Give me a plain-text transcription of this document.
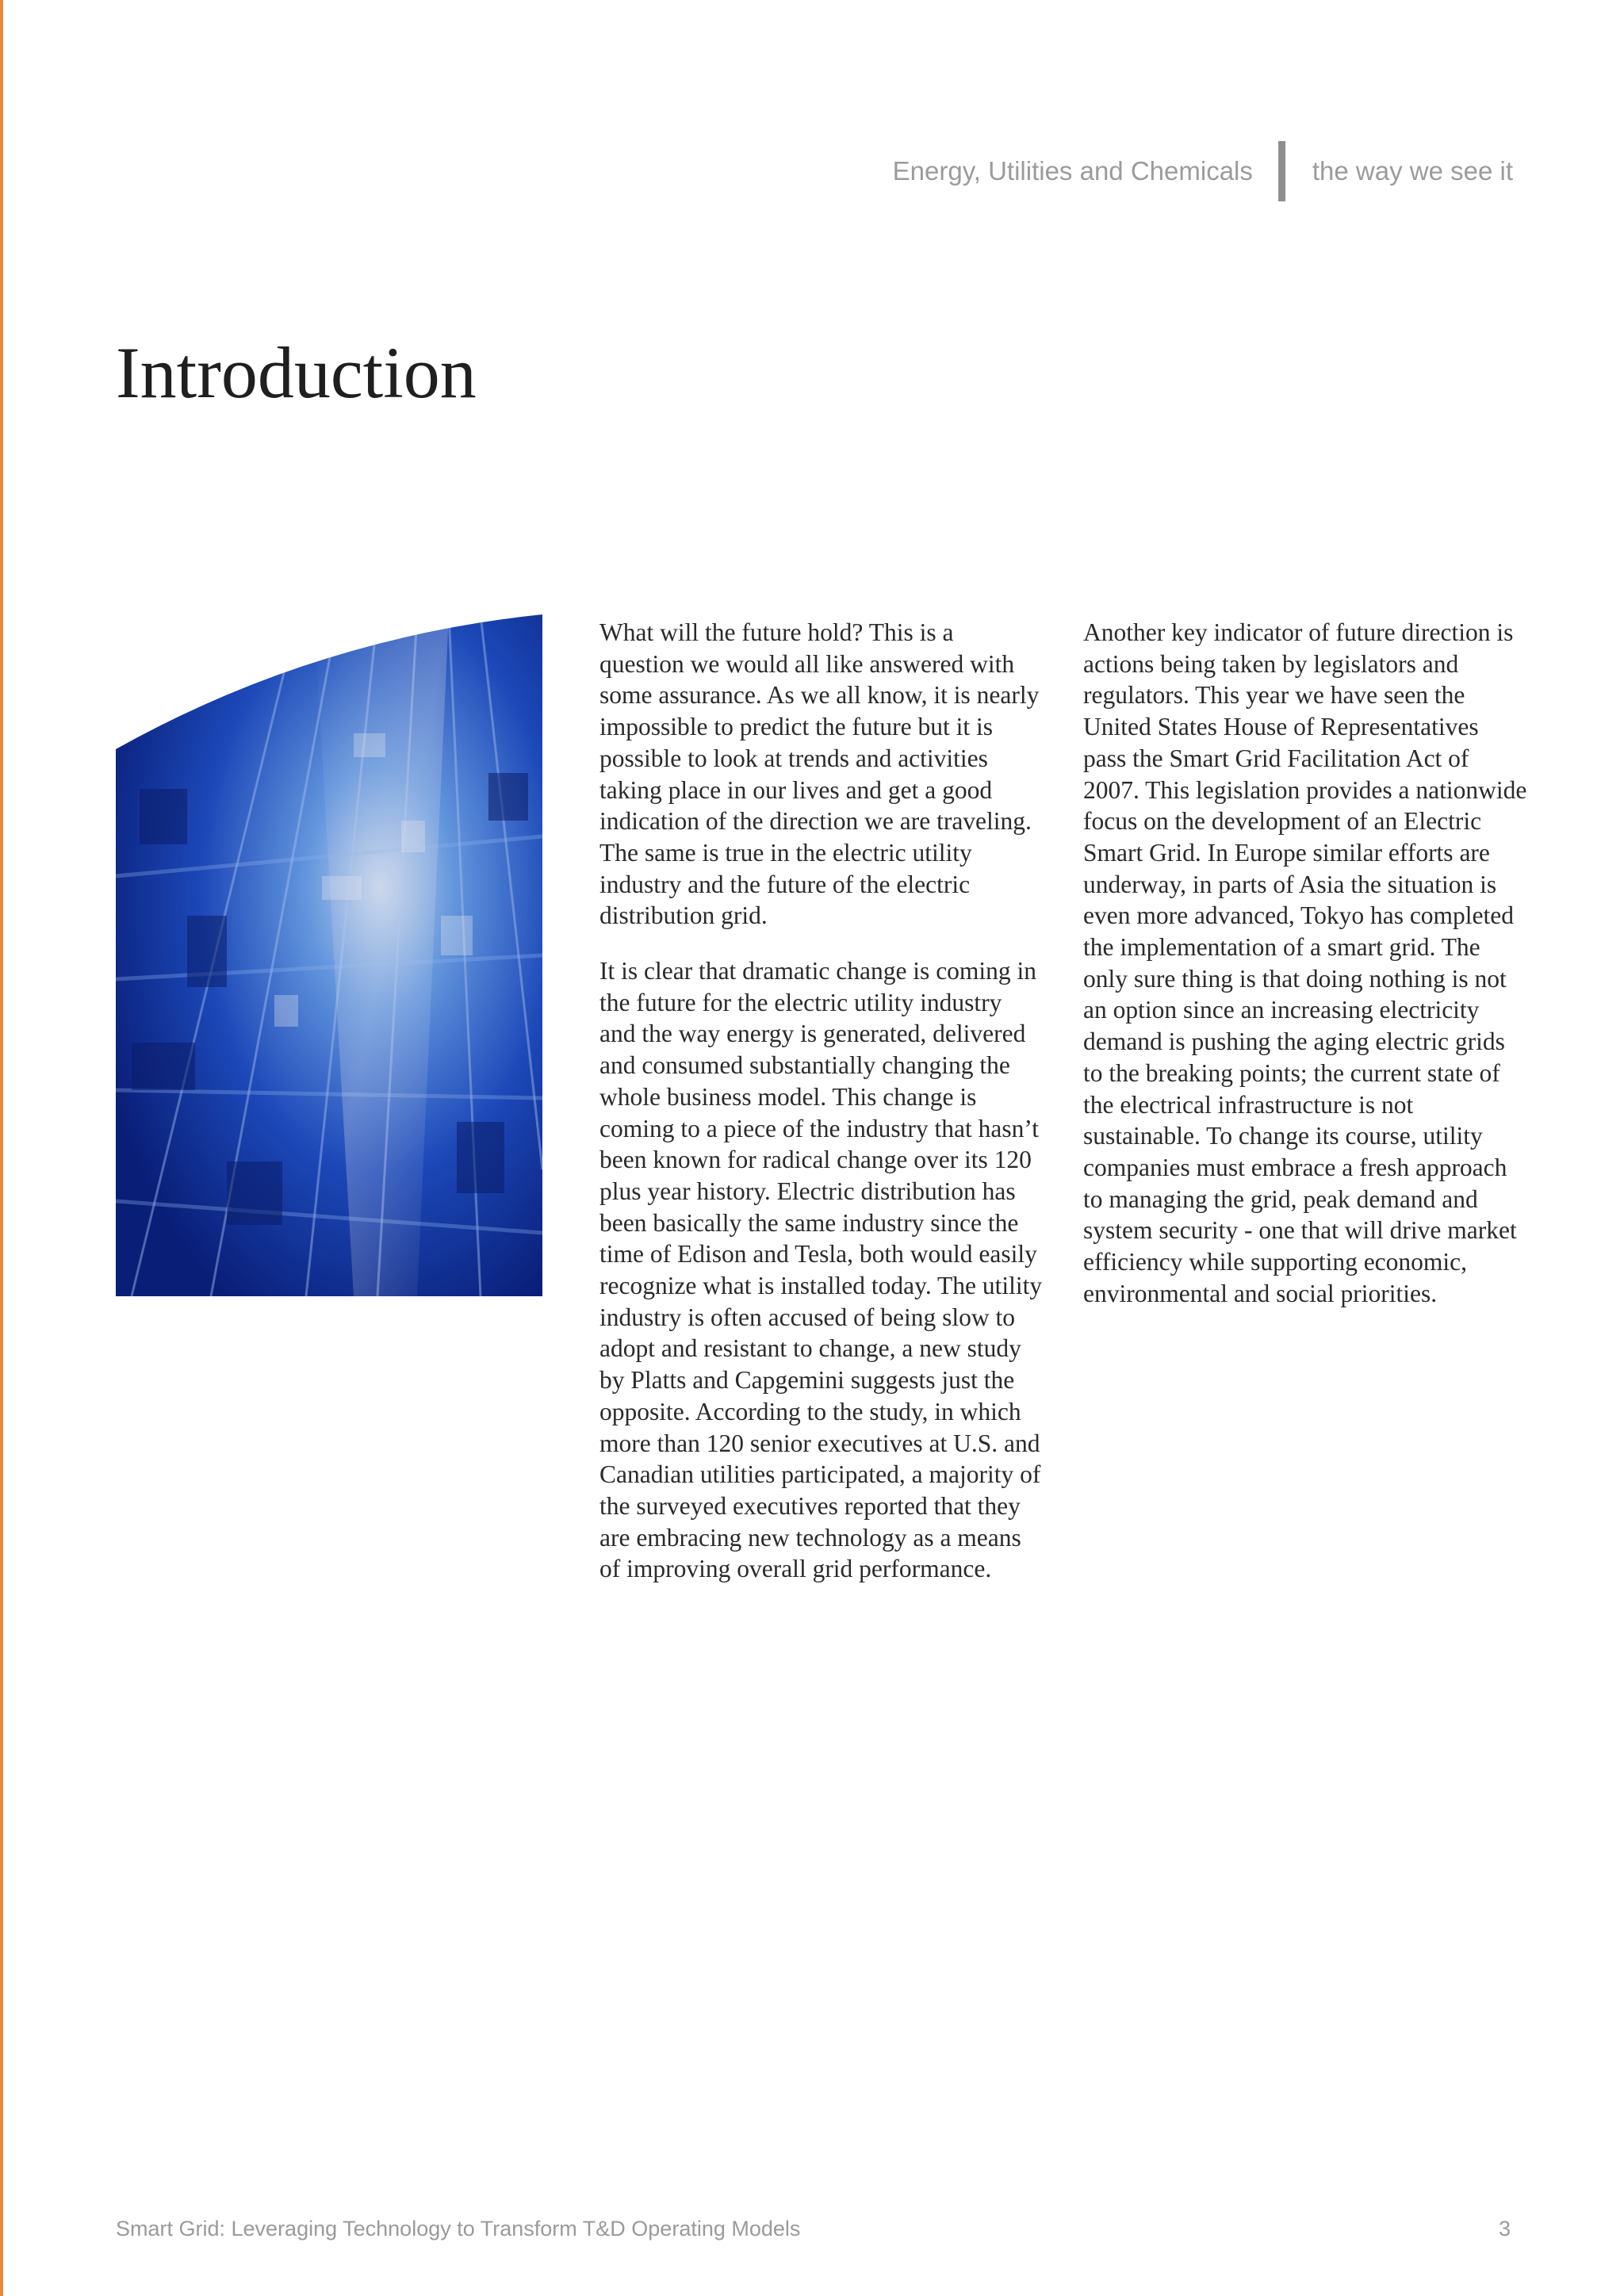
Energy, Utilities and Chemicals the way we see it
Introduction

What will the future hold? This is a question we would all like answered with some assurance. As we all know, it is nearly impossible to predict the future but it is possible to look at trends and activities taking place in our lives and get a good indication of the direction we are traveling. The same is true in the electric utility industry and the future of the electric distribution grid.

It is clear that dramatic change is coming in the future for the electric utility industry and the way energy is generated, delivered and consumed substantially changing the whole business model. This change is coming to a piece of the industry that hasn’t been known for radical change over its 120 plus year history. Electric distribution has been basically the same industry since the time of Edison and Tesla, both would easily recognize what is installed today. The utility industry is often accused of being slow to adopt and resistant to change, a new study by Platts and Capgemini suggests just the opposite. According to the study, in which more than 120 senior executives at U.S. and Canadian utilities participated, a majority of the surveyed executives reported that they are embracing new technology as a means of improving overall grid performance.

Another key indicator of future direction is actions being taken by legislators and regulators. This year we have seen the United States House of Representatives pass the Smart Grid Facilitation Act of 2007. This legislation provides a nationwide focus on the development of an Electric Smart Grid. In Europe similar efforts are underway, in parts of Asia the situation is even more advanced, Tokyo has completed the implementation of a smart grid. The only sure thing is that doing nothing is not an option since an increasing electricity demand is pushing the aging electric grids to the breaking points; the current state of the electrical infrastructure is not sustainable. To change its course, utility companies must embrace a fresh approach to managing the grid, peak demand and system security - one that will drive market efficiency while supporting economic, environmental and social priorities.

Smart Grid: Leveraging Technology to Transform T&D Operating Models	3
